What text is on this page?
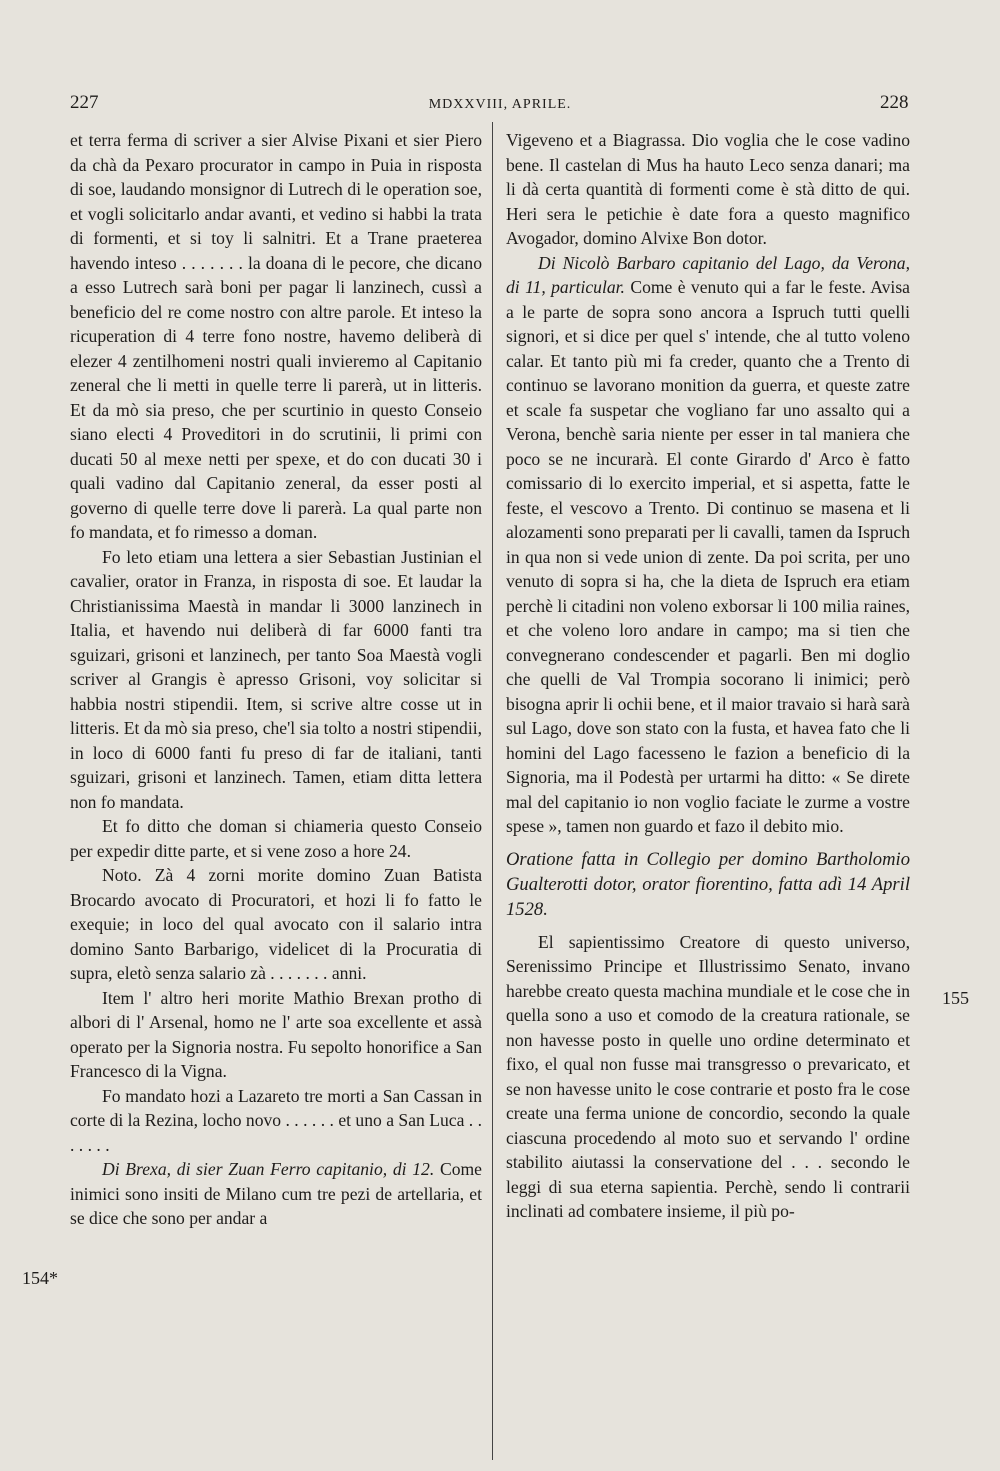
227	MDXXVIII, APRILE.	228
154*
155

et terra ferma di scriver a sier Alvise Pixani et sier Piero da chà da Pexaro procurator in campo in Puia in risposta di soe, laudando monsignor di Lutrech di le operation soe, et vogli solicitarlo andar avanti, et vedino si habbi la trata di formenti, et si toy li salnitri. Et a Trane praeterea havendo inteso . . . . . . . la doana di le pecore, che dicano a esso Lutrech sarà boni per pagar li lanzinech, cussì a beneficio del re come nostro con altre parole. Et inteso la ricuperation di 4 terre fono nostre, havemo deliberà di elezer 4 zentilhomeni nostri quali invieremo al Capitanio zeneral che li metti in quelle terre li parerà, ut in litteris. Et da mò sia preso, che per scurtinio in questo Conseio siano electi 4 Proveditori in do scrutinii, li primi con ducati 50 al mexe netti per spexe, et do con ducati 30 i quali vadino dal Capitanio zeneral, da esser posti al governo di quelle terre dove li parerà. La qual parte non fo mandata, et fo rimesso a doman.

Fo leto etiam una lettera a sier Sebastian Justinian el cavalier, orator in Franza, in risposta di soe. Et laudar la Christianissima Maestà in mandar li 3000 lanzinech in Italia, et havendo nui deliberà di far 6000 fanti tra sguizari, grisoni et lanzinech, per tanto Soa Maestà vogli scriver al Grangis è apresso Grisoni, voy solicitar si habbia nostri stipendii. Item, si scrive altre cosse ut in litteris. Et da mò sia preso, che'l sia tolto a nostri stipendii, in loco di 6000 fanti fu preso di far de italiani, tanti sguizari, grisoni et lanzinech. Tamen, etiam ditta lettera non fo mandata.

Et fo ditto che doman si chiameria questo Conseio per expedir ditte parte, et si vene zoso a hore 24.

Noto. Zà 4 zorni morite domino Zuan Batista Brocardo avocato di Procuratori, et hozi li fo fatto le exequie; in loco del qual avocato con il salario intra domino Santo Barbarigo, videlicet di la Procuratia di supra, eletò senza salario zà . . . . . . . anni.

Item l' altro heri morite Mathio Brexan protho di albori di l' Arsenal, homo ne l' arte soa excellente et assà operato per la Signoria nostra. Fu sepolto honorifice a San Francesco di la Vigna.

Fo mandato hozi a Lazareto tre morti a San Cassan in corte di la Rezina, locho novo . . . . . . et uno a San Luca . . . . . . .

Di Brexa, di sier Zuan Ferro capitanio, di 12. Come inimici sono insiti de Milano cum tre pezi de artellaria, et se dice che sono per andar a

Vigeveno et a Biagrassa. Dio voglia che le cose vadino bene. Il castelan di Mus ha hauto Leco senza danari; ma li dà certa quantità di formenti come è stà ditto de qui. Heri sera le petichie è date fora a questo magnifico Avogador, domino Alvixe Bon dotor.

Di Nicolò Barbaro capitanio del Lago, da Verona, di 11, particular. Come è venuto qui a far le feste. Avisa a le parte de sopra sono ancora a Ispruch tutti quelli signori, et si dice per quel s' intende, che al tutto voleno calar. Et tanto più mi fa creder, quanto che a Trento di continuo se lavorano monition da guerra, et queste zatre et scale fa suspetar che vogliano far uno assalto qui a Verona, benchè saria niente per esser in tal maniera che poco se ne incurarà. El conte Girardo d' Arco è fatto comissario di lo exercito imperial, et si aspetta, fatte le feste, el vescovo a Trento. Di continuo se masena et li alozamenti sono preparati per li cavalli, tamen da Ispruch in qua non si vede union di zente. Da poi scrita, per uno venuto di sopra si ha, che la dieta de Ispruch era etiam perchè li citadini non voleno exborsar li 100 milia raines, et che voleno loro andare in campo; ma si tien che convegnerano condescender et pagarli. Ben mi doglio che quelli de Val Trompia socorano li inimici; però bisogna aprir li ochii bene, et il maior travaio si harà sarà sul Lago, dove son stato con la fusta, et havea fato che li homini del Lago facesseno le fazion a beneficio di la Signoria, ma il Podestà per urtarmi ha ditto: « Se direte mal del capitanio io non voglio faciate le zurme a vostre spese », tamen non guardo et fazo il debito mio.

Oratione fatta in Collegio per domino Bartholomio Gualterotti dotor, orator fiorentino, fatta adì 14 April 1528.

El sapientissimo Creatore di questo universo, Serenissimo Principe et Illustrissimo Senato, invano harebbe creato questa machina mundiale et le cose che in quella sono a uso et comodo de la creatura rationale, se non havesse posto in quelle uno ordine determinato et fixo, el qual non fusse mai transgresso o prevaricato, et se non havesse unito le cose contrarie et posto fra le cose create una ferma unione de concordio, secondo la quale ciascuna procedendo al moto suo et servando l' ordine stabilito aiutassi la conservatione del . . . secondo le leggi di sua eterna sapientia. Perchè, sendo li contrarii inclinati ad combatere insieme, il più po-
